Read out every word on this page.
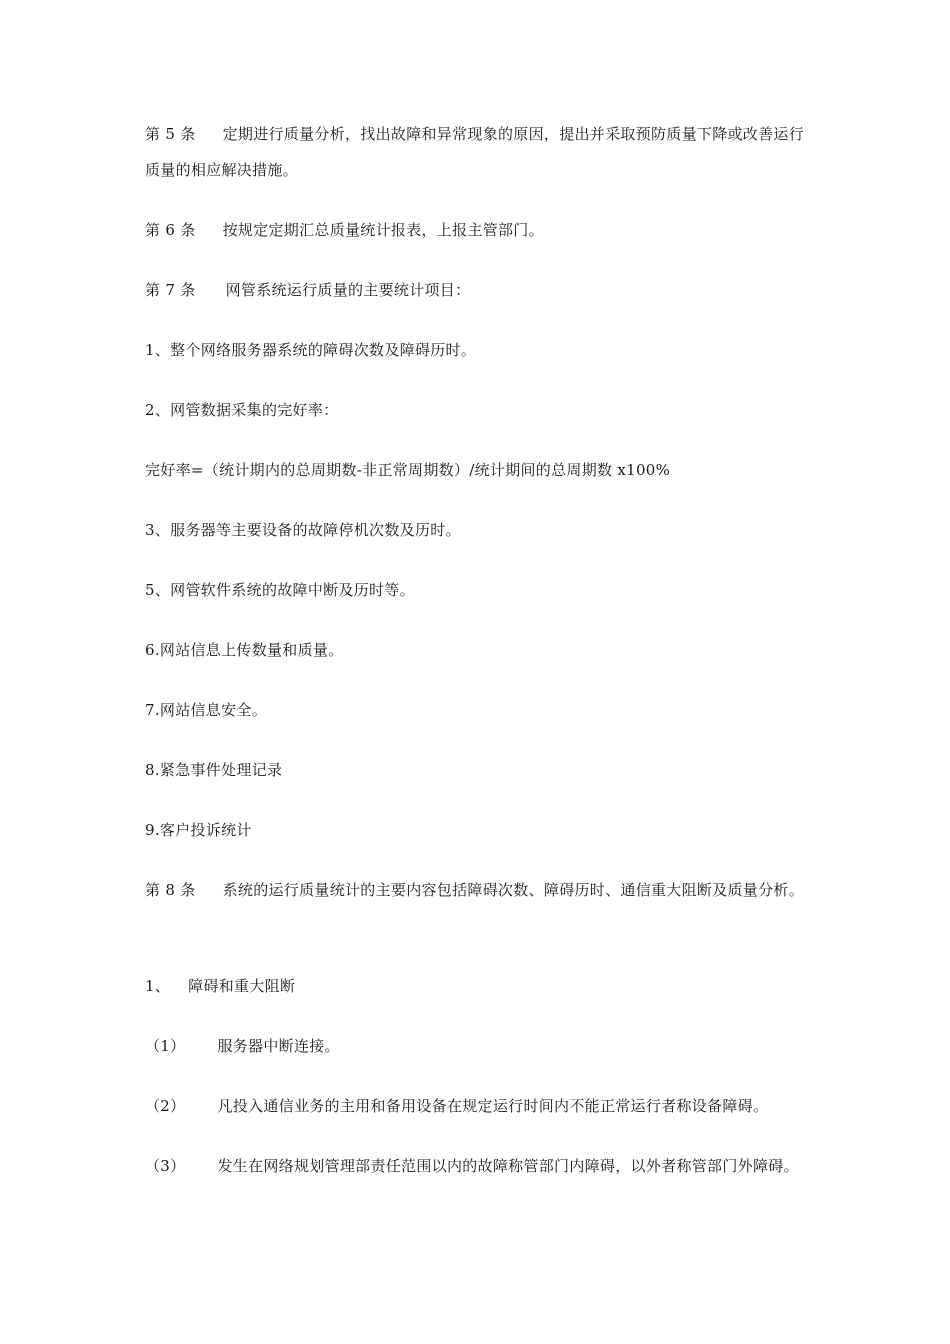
第 5 条 定期进行质量分析，找出故障和异常现象的原因，提出并采取预防质量下降或改善运行质量的相应解决措施。
第 6 条 按规定定期汇总质量统计报表，上报主管部门。
第 7 条 网管系统运行质量的主要统计项目：
1、整个网络服务器系统的障碍次数及障碍历时。
2、网管数据采集的完好率：
完好率=（统计期内的总周期数-非正常周期数）/统计期间的总周期数 x100%
3、服务器等主要设备的故障停机次数及历时。
5、网管软件系统的故障中断及历时等。
6.网站信息上传数量和质量。
7.网站信息安全。
8.紧急事件处理记录
9.客户投诉统计
第 8 条 系统的运行质量统计的主要内容包括障碍次数、障碍历时、通信重大阻断及质量分析。
1、 障碍和重大阻断
（1） 服务器中断连接。
（2） 凡投入通信业务的主用和备用设备在规定运行时间内不能正常运行者称设备障碍。
（3） 发生在网络规划管理部责任范围以内的故障称管部门内障碍，以外者称管部门外障碍。
